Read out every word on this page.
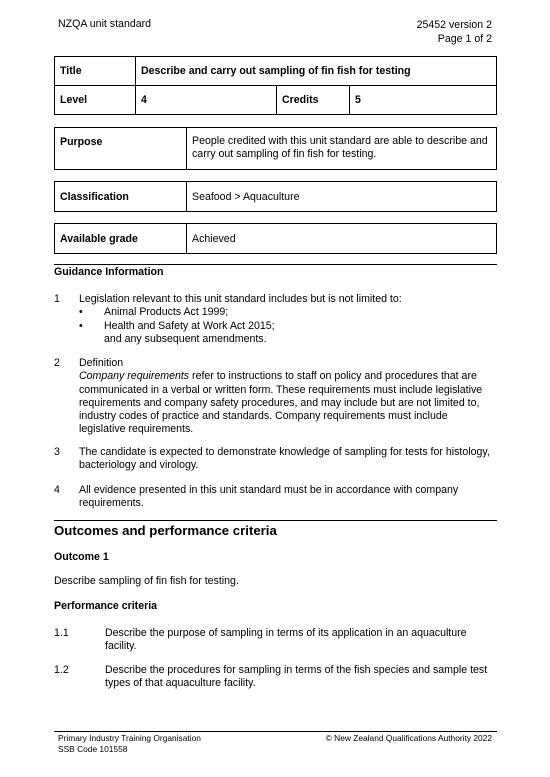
NZQA unit standard	25452 version 2
Page 1 of 2
Title	Describe and carry out sampling of fin fish for testing		
Level	4	Credits	5
Purpose	People credited with this unit standard are able to describe and carry out sampling of fin fish for testing.
Classification	Seafood > Aquaculture
Available grade	Achieved
Guidance Information
1 Legislation relevant to this unit standard includes but is not limited to:
• Animal Products Act 1999;
• Health and Safety at Work Act 2015;
and any subsequent amendments.
2 Definition
Company requirements refer to instructions to staff on policy and procedures that are communicated in a verbal or written form. These requirements must include legislative requirements and company safety procedures, and may include but are not limited to, industry codes of practice and standards. Company requirements must include legislative requirements.
3 The candidate is expected to demonstrate knowledge of sampling for tests for histology, bacteriology and virology.
4 All evidence presented in this unit standard must be in accordance with company requirements.
Outcomes and performance criteria
Outcome 1
Describe sampling of fin fish for testing.
Performance criteria
1.1	Describe the purpose of sampling in terms of its application in an aquaculture facility.
1.2	Describe the procedures for sampling in terms of the fish species and sample test types of that aquaculture facility.
Primary Industry Training Organisation
SSB Code 101558
© New Zealand Qualifications Authority 2022
